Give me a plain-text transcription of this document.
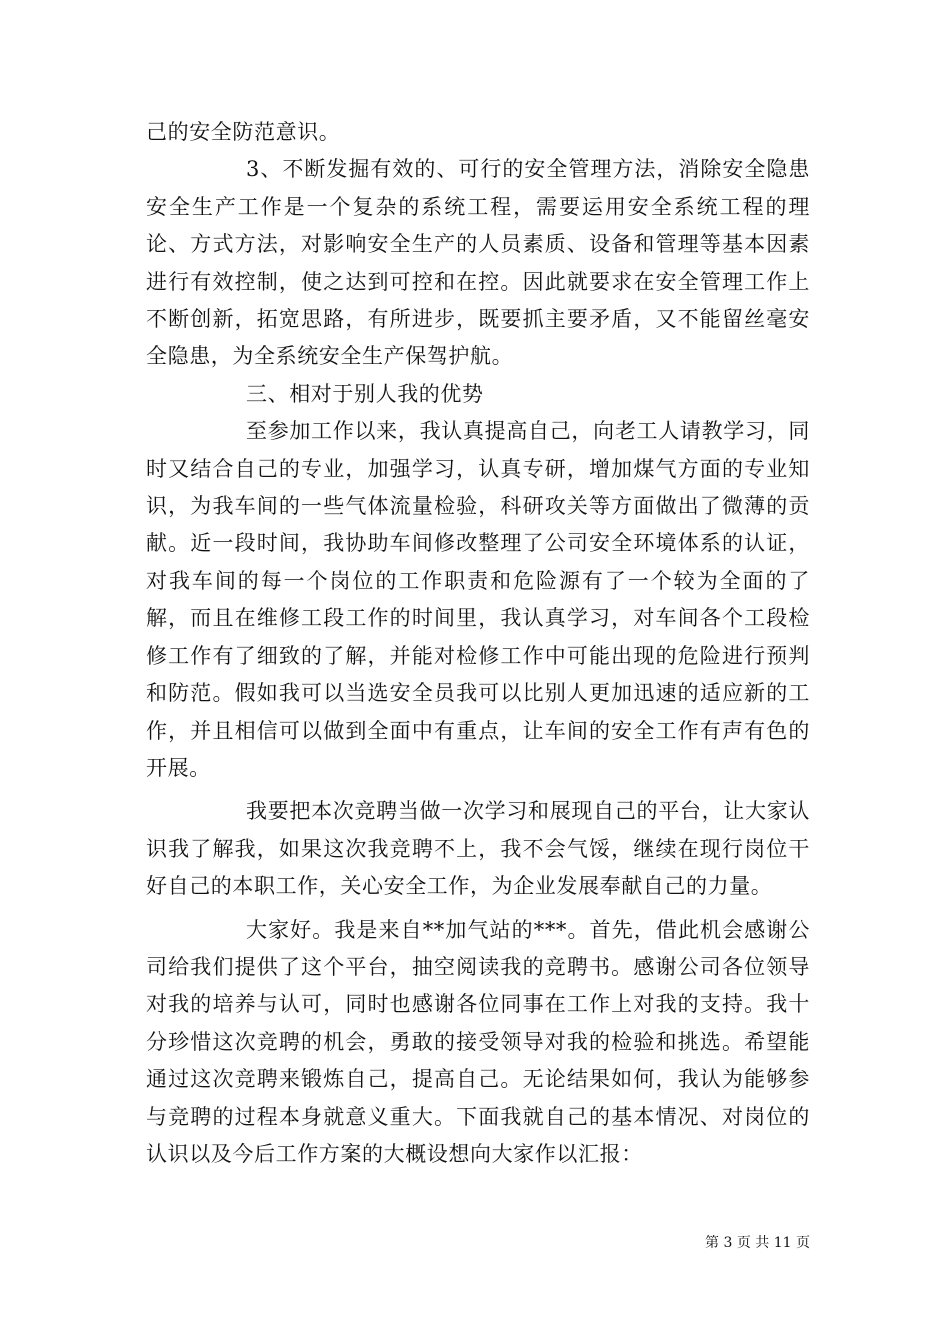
己的安全防范意识。

3、不断发掘有效的、可行的安全管理方法，消除安全隐患安全生产工作是一个复杂的系统工程，需要运用安全系统工程的理论、方式方法，对影响安全生产的人员素质、设备和管理等基本因素进行有效控制，使之达到可控和在控。因此就要求在安全管理工作上不断创新，拓宽思路，有所进步，既要抓主要矛盾，又不能留丝毫安全隐患，为全系统安全生产保驾护航。

三、相对于别人我的优势

至参加工作以来，我认真提高自己，向老工人请教学习，同时又结合自己的专业，加强学习，认真专研，增加煤气方面的专业知识，为我车间的一些气体流量检验，科研攻关等方面做出了微薄的贡献。近一段时间，我协助车间修改整理了公司安全环境体系的认证，对我车间的每一个岗位的工作职责和危险源有了一个较为全面的了解，而且在维修工段工作的时间里，我认真学习，对车间各个工段检修工作有了细致的了解，并能对检修工作中可能出现的危险进行预判和防范。假如我可以当选安全员我可以比别人更加迅速的适应新的工作，并且相信可以做到全面中有重点，让车间的安全工作有声有色的开展。

我要把本次竞聘当做一次学习和展现自己的平台，让大家认识我了解我，如果这次我竞聘不上，我不会气馁，继续在现行岗位干好自己的本职工作，关心安全工作，为企业发展奉献自己的力量。

大家好。我是来自**加气站的***。首先，借此机会感谢公司给我们提供了这个平台，抽空阅读我的竞聘书。感谢公司各位领导对我的培养与认可，同时也感谢各位同事在工作上对我的支持。我十分珍惜这次竞聘的机会，勇敢的接受领导对我的检验和挑选。希望能通过这次竞聘来锻炼自己，提高自己。无论结果如何，我认为能够参与竞聘的过程本身就意义重大。下面我就自己的基本情况、对岗位的认识以及今后工作方案的大概设想向大家作以汇报：

第 3 页 共 11 页
